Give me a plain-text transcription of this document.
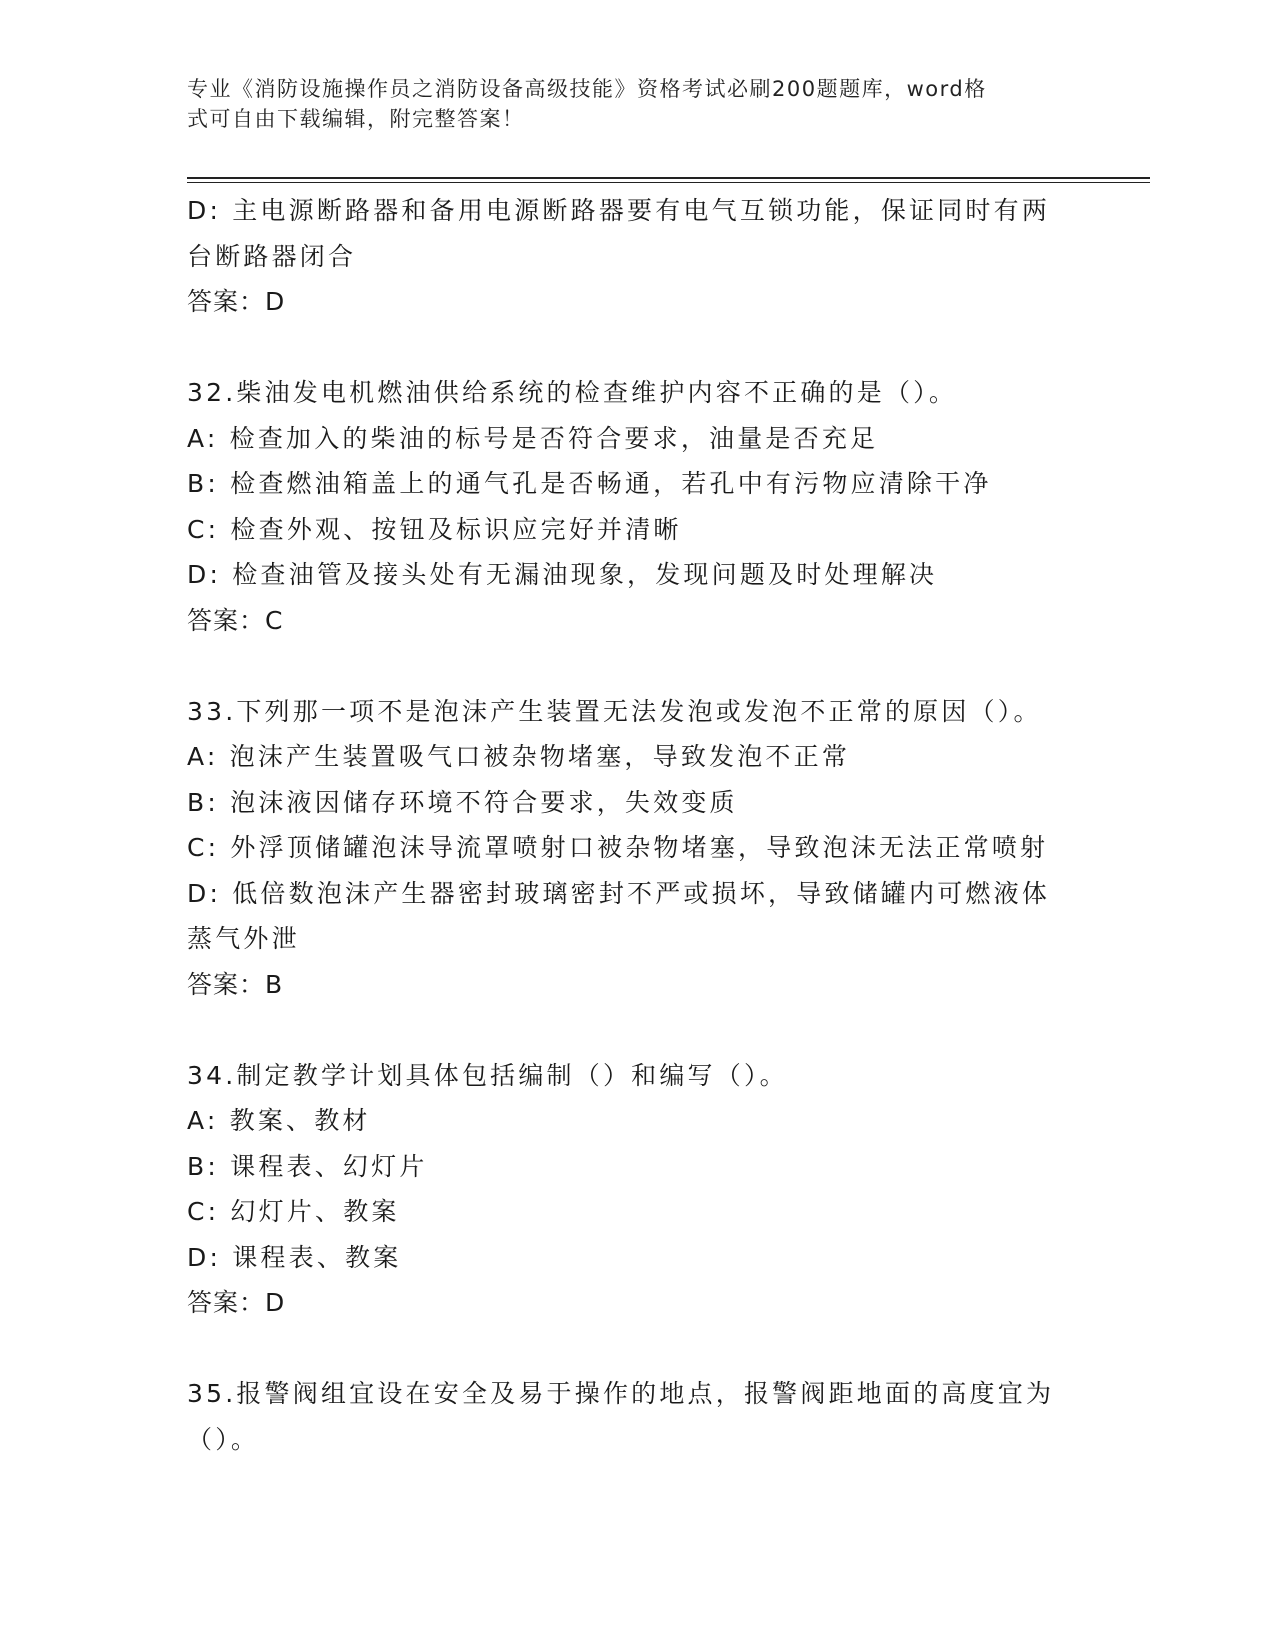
专业《消防设施操作员之消防设备高级技能》资格考试必刷200题题库，word格
式可自由下载编辑，附完整答案！
D: 主电源断路器和备用电源断路器要有电气互锁功能，保证同时有两
台断路器闭合
答案：D
32.柴油发电机燃油供给系统的检查维护内容不正确的是（）。
A: 检查加入的柴油的标号是否符合要求，油量是否充足
B: 检查燃油箱盖上的通气孔是否畅通，若孔中有污物应清除干净
C: 检查外观、按钮及标识应完好并清晰
D: 检查油管及接头处有无漏油现象，发现问题及时处理解决
答案：C
33.下列那一项不是泡沫产生装置无法发泡或发泡不正常的原因（）。
A: 泡沫产生装置吸气口被杂物堵塞，导致发泡不正常
B: 泡沫液因储存环境不符合要求，失效变质
C: 外浮顶储罐泡沫导流罩喷射口被杂物堵塞，导致泡沫无法正常喷射
D: 低倍数泡沫产生器密封玻璃密封不严或损坏，导致储罐内可燃液体
蒸气外泄
答案：B
34.制定教学计划具体包括编制（）和编写（）。
A: 教案、教材
B: 课程表、幻灯片
C: 幻灯片、教案
D: 课程表、教案
答案：D
35.报警阀组宜设在安全及易于操作的地点，报警阀距地面的高度宜为
（）。
